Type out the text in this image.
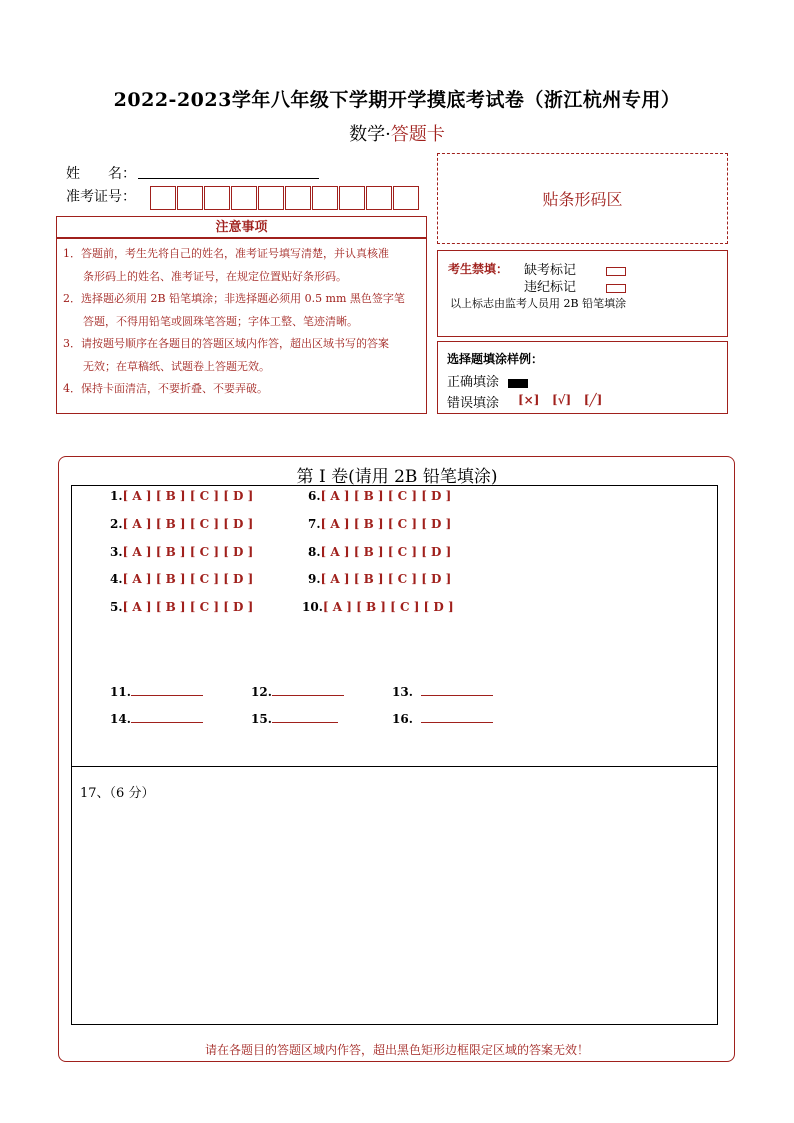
2022-2023学年八年级下学期开学摸底考试卷（浙江杭州专用）
数学·答题卡
姓　　名：
准考证号：
注意事项

1．答题前，考生先将自己的姓名，准考证号填写清楚，并认真核准

条形码上的姓名、准考证号，在规定位置贴好条形码。

2．选择题必须用 2B 铅笔填涂；非选择题必须用 0.5 mm 黑色签字笔

答题，不得用铅笔或圆珠笔答题；字体工整、笔迹清晰。

3．请按题号顺序在各题目的答题区域内作答，超出区域书写的答案

无效；在草稿纸、试题卷上答题无效。

4．保持卡面清洁，不要折叠、不要弄破。

贴条形码区
考生禁填： 缺考标记
违纪标记
以上标志由监考人员用 2B 铅笔填涂
选择题填涂样例：
正确填涂
错误填涂 [×]   [√]   [╱]
第 I 卷(请用 2B 铅笔填涂)
1.[ A ] [ B ] [ C ] [ D ]
2.[ A ] [ B ] [ C ] [ D ]
3.[ A ] [ B ] [ C ] [ D ]
4.[ A ] [ B ] [ C ] [ D ]
5.[ A ] [ B ] [ C ] [ D ]
6.[ A ] [ B ] [ C ] [ D ]
7.[ A ] [ B ] [ C ] [ D ]
8.[ A ] [ B ] [ C ] [ D ]
9.[ A ] [ B ] [ C ] [ D ]
10.[ A ] [ B ] [ C ] [ D ]
11.	12.	13.
14.	15.	16.
17、（6 分）
请在各题目的答题区域内作答，超出黑色矩形边框限定区域的答案无效！
